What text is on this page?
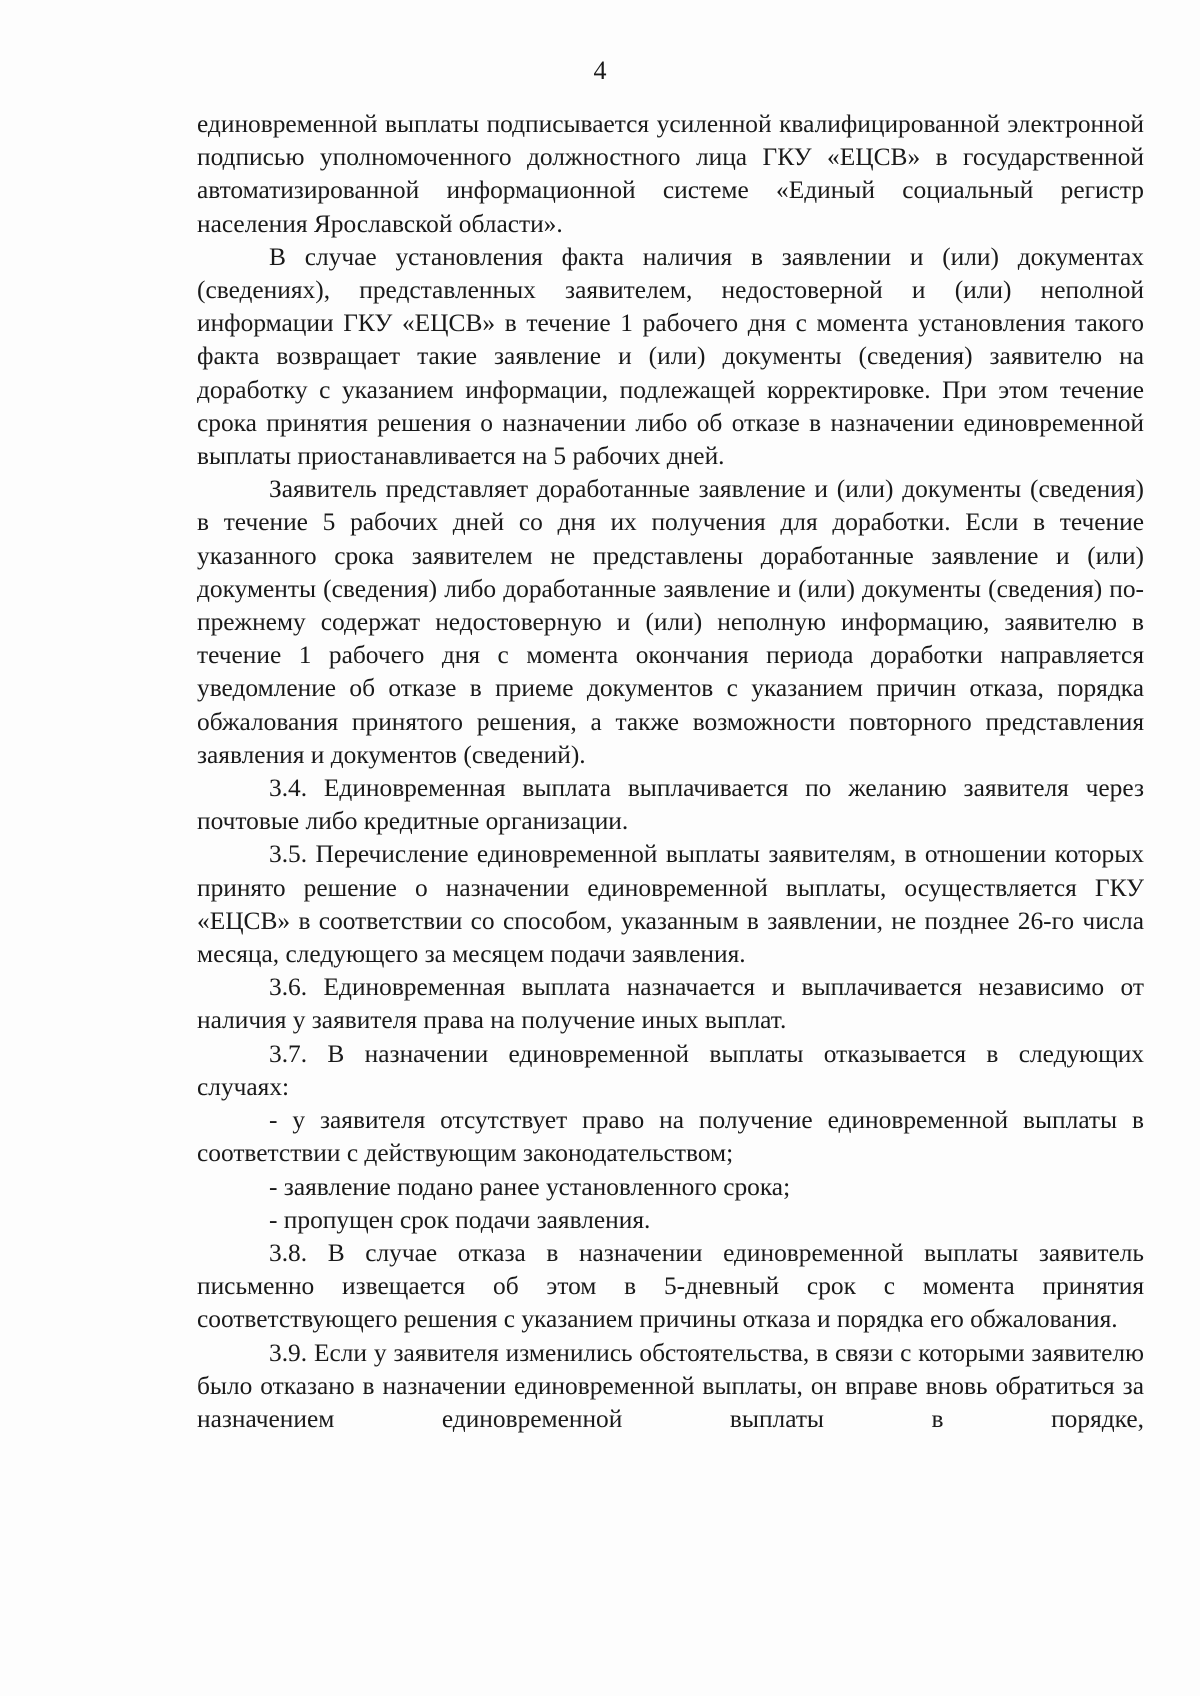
4

единовременной выплаты подписывается усиленной квалифицированной электронной подписью уполномоченного должностного лица ГКУ «ЕЦСВ» в государственной автоматизированной информационной системе «Единый социальный регистр населения Ярославской области».

В случае установления факта наличия в заявлении и (или) документах (сведениях), представленных заявителем, недостоверной и (или) неполной информации ГКУ «ЕЦСВ» в течение 1 рабочего дня с момента установления такого факта возвращает такие заявление и (или) документы (сведения) заявителю на доработку с указанием информации, подлежащей корректировке. При этом течение срока принятия решения о назначении либо об отказе в назначении единовременной выплаты приостанавливается на 5 рабочих дней.

Заявитель представляет доработанные заявление и (или) документы (сведения) в течение 5 рабочих дней со дня их получения для доработки. Если в течение указанного срока заявителем не представлены доработанные заявление и (или) документы (сведения) либо доработанные заявление и (или) документы (сведения) по-прежнему содержат недостоверную и (или) неполную информацию, заявителю в течение 1 рабочего дня с момента окончания периода доработки направляется уведомление об отказе в приеме документов с указанием причин отказа, порядка обжалования принятого решения, а также возможности повторного представления заявления и документов (сведений).

3.4. Единовременная выплата выплачивается по желанию заявителя через почтовые либо кредитные организации.

3.5. Перечисление единовременной выплаты заявителям, в отношении которых принято решение о назначении единовременной выплаты, осуществляется ГКУ «ЕЦСВ» в соответствии со способом, указанным в заявлении, не позднее 26-го числа месяца, следующего за месяцем подачи заявления.

3.6. Единовременная выплата назначается и выплачивается независимо от наличия у заявителя права на получение иных выплат.

3.7. В назначении единовременной выплаты отказывается в следующих случаях:

- у заявителя отсутствует право на получение единовременной выплаты в соответствии с действующим законодательством;

- заявление подано ранее установленного срока;

- пропущен срок подачи заявления.

3.8. В случае отказа в назначении единовременной выплаты заявитель письменно извещается об этом в 5-дневный срок с момента принятия соответствующего решения с указанием причины отказа и порядка его обжалования.

3.9. Если у заявителя изменились обстоятельства, в связи с которыми заявителю было отказано в назначении единовременной выплаты, он вправе вновь обратиться за назначением единовременной выплаты в порядке,
